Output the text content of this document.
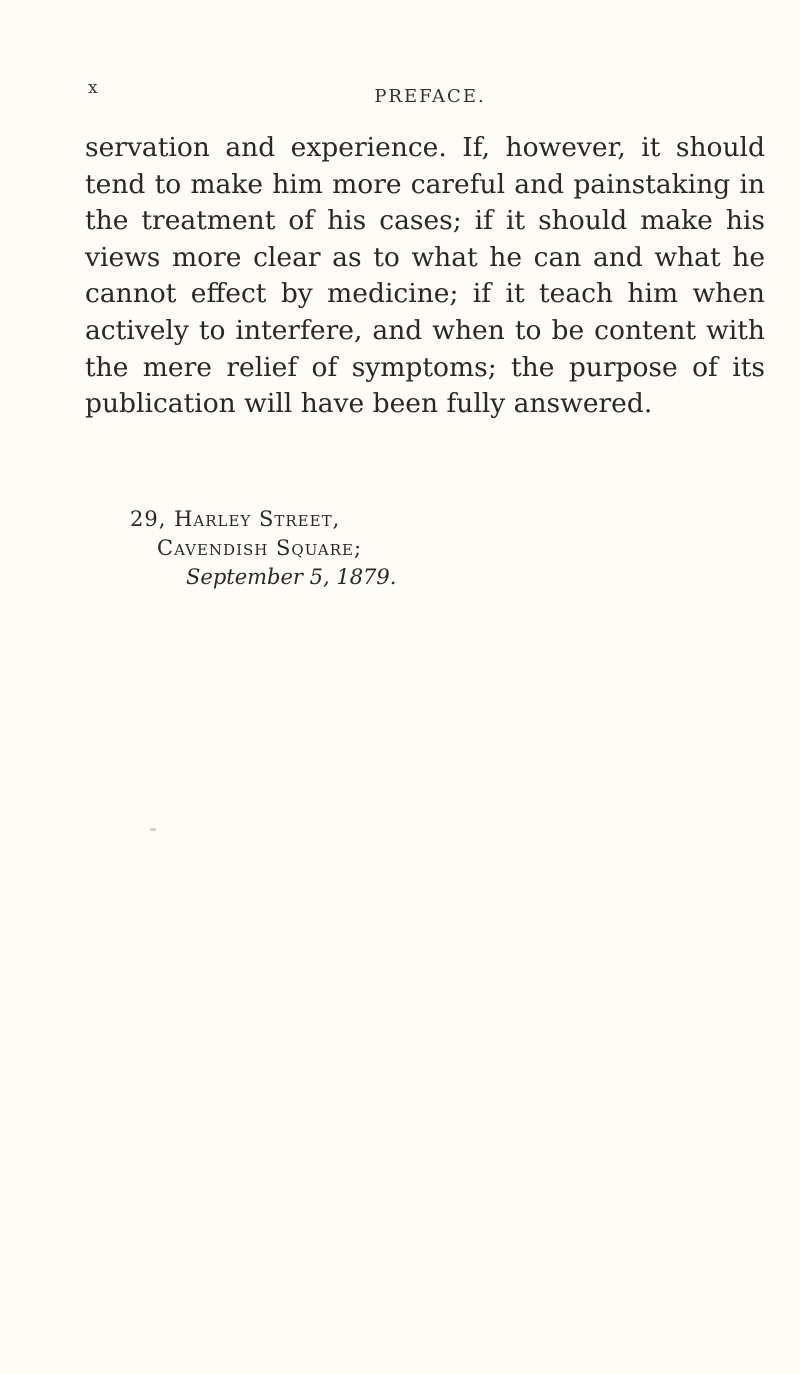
x	PREFACE.
servation and experience. If, however, it should
tend to make him more careful and painstaking in
the treatment of his cases; if it should make his
views more clear as to what he can and what he
cannot effect by medicine; if it teach him when
actively to interfere, and when to be content with
the mere relief of symptoms; the purpose of its
publication will have been fully answered.
29, Harley Street,
Cavendish Square;
September 5, 1879.
